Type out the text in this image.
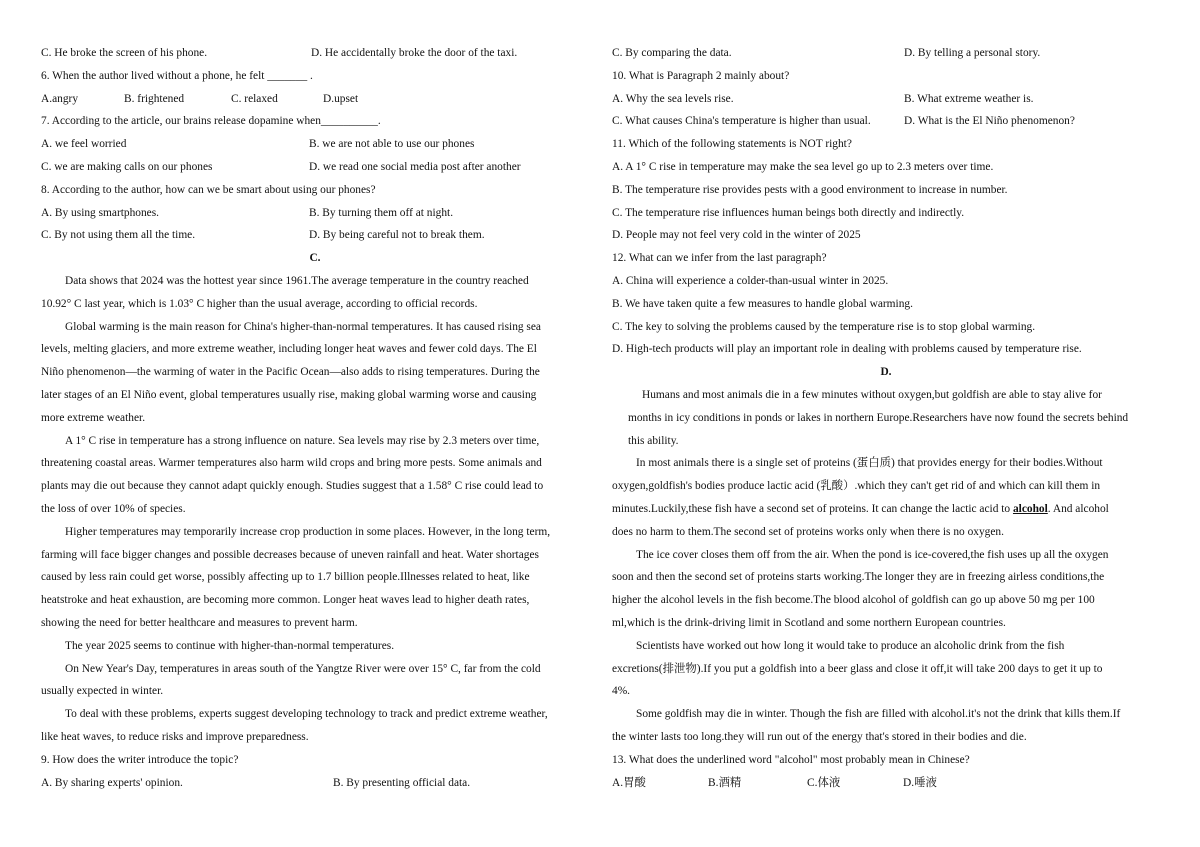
C. He broke the screen of his phone.	D. He accidentally broke the door of the taxi.
6. When the author lived without a phone, he felt _______ .
A.angry	B. frightened	C. relaxed	D.upset
7. According to the article, our brains release dopamine when__________.
A. we feel worried	B. we are not able to use our phones
C. we are making calls on our phones	D. we read one social media post after another
8. According to the author, how can we be smart about using our phones?
A. By using smartphones.	B. By turning them off at night.
C. By not using them all the time.	D. By being careful not to break them.
C.
Data shows that 2024 was the hottest year since 1961.The average temperature in the country reached
10.92° C last year, which is 1.03° C higher than the usual average, according to official records.
Global warming is the main reason for China's higher-than-normal temperatures. It has caused rising sea
levels, melting glaciers, and more extreme weather, including longer heat waves and fewer cold days. The El
Niño phenomenon—the warming of water in the Pacific Ocean—also adds to rising temperatures. During the
later stages of an El Niño event, global temperatures usually rise, making global warming worse and causing
more extreme weather.
A 1° C rise in temperature has a strong influence on nature. Sea levels may rise by 2.3 meters over time,
threatening coastal areas. Warmer temperatures also harm wild crops and bring more pests. Some animals and
plants may die out because they cannot adapt quickly enough. Studies suggest that a 1.58° C rise could lead to
the loss of over 10% of species.
Higher temperatures may temporarily increase crop production in some places. However, in the long term,
farming will face bigger changes and possible decreases because of uneven rainfall and heat. Water shortages
caused by less rain could get worse, possibly affecting up to 1.7 billion people.Illnesses related to heat, like
heatstroke and heat exhaustion, are becoming more common. Longer heat waves lead to higher death rates,
showing the need for better healthcare and measures to prevent harm.
The year 2025 seems to continue with higher-than-normal temperatures.
On New Year's Day, temperatures in areas south of the Yangtze River were over 15° C, far from the cold
usually expected in winter.
To deal with these problems, experts suggest developing technology to track and predict extreme weather,
like heat waves, to reduce risks and improve preparedness.
9. How does the writer introduce the topic?
A. By sharing experts' opinion.	B. By presenting official data.
C. By comparing the data.	D. By telling a personal story.
10. What is Paragraph 2 mainly about?
A. Why the sea levels rise.	B. What extreme weather is.
C. What causes China's temperature is higher than usual.	D. What is the El Niño phenomenon?
11. Which of the following statements is NOT right?
A. A 1° C rise in temperature may make the sea level go up to 2.3 meters over time.
B. The temperature rise provides pests with a good environment to increase in number.
C. The temperature rise influences human beings both directly and indirectly.
D. People may not feel very cold in the winter of 2025
12. What can we infer from the last paragraph?
A. China will experience a colder-than-usual winter in 2025.
B. We have taken quite a few measures to handle global warming.
C. The key to solving the problems caused by the temperature rise is to stop global warming.
D. High-tech products will play an important role in dealing with problems caused by temperature rise.
D.
Humans and most animals die in a few minutes without oxygen,but goldfish are able to stay alive for
months in icy conditions in ponds or lakes in northern Europe.Researchers have now found the secrets behind
this ability.
In most animals there is a single set of proteins (蛋白质) that provides energy for their bodies.Without
oxygen,goldfish's bodies produce lactic acid (乳酸）.which they can't get rid of and which can kill them in
minutes.Luckily,these fish have a second set of proteins. It can change the lactic acid to alcohol. And alcohol
does no harm to them.The second set of proteins works only when there is no oxygen.
The ice cover closes them off from the air. When the pond is ice-covered,the fish uses up all the oxygen
soon and then the second set of proteins starts working.The longer they are in freezing airless conditions,the
higher the alcohol levels in the fish become.The blood alcohol of goldfish can go up above 50 mg per 100
ml,which is the drink-driving limit in Scotland and some northern European countries.
Scientists have worked out how long it would take to produce an alcoholic drink from the fish
excretions(排泄物).If you put a goldfish into a beer glass and close it off,it will take 200 days to get it up to
4%.
Some goldfish may die in winter. Though the fish are filled with alcohol.it's not the drink that kills them.If
the winter lasts too long.they will run out of the energy that's stored in their bodies and die.
13. What does the underlined word "alcohol" most probably mean in Chinese?
A.胃酸	B.酒精	C.体液	D.唾液
